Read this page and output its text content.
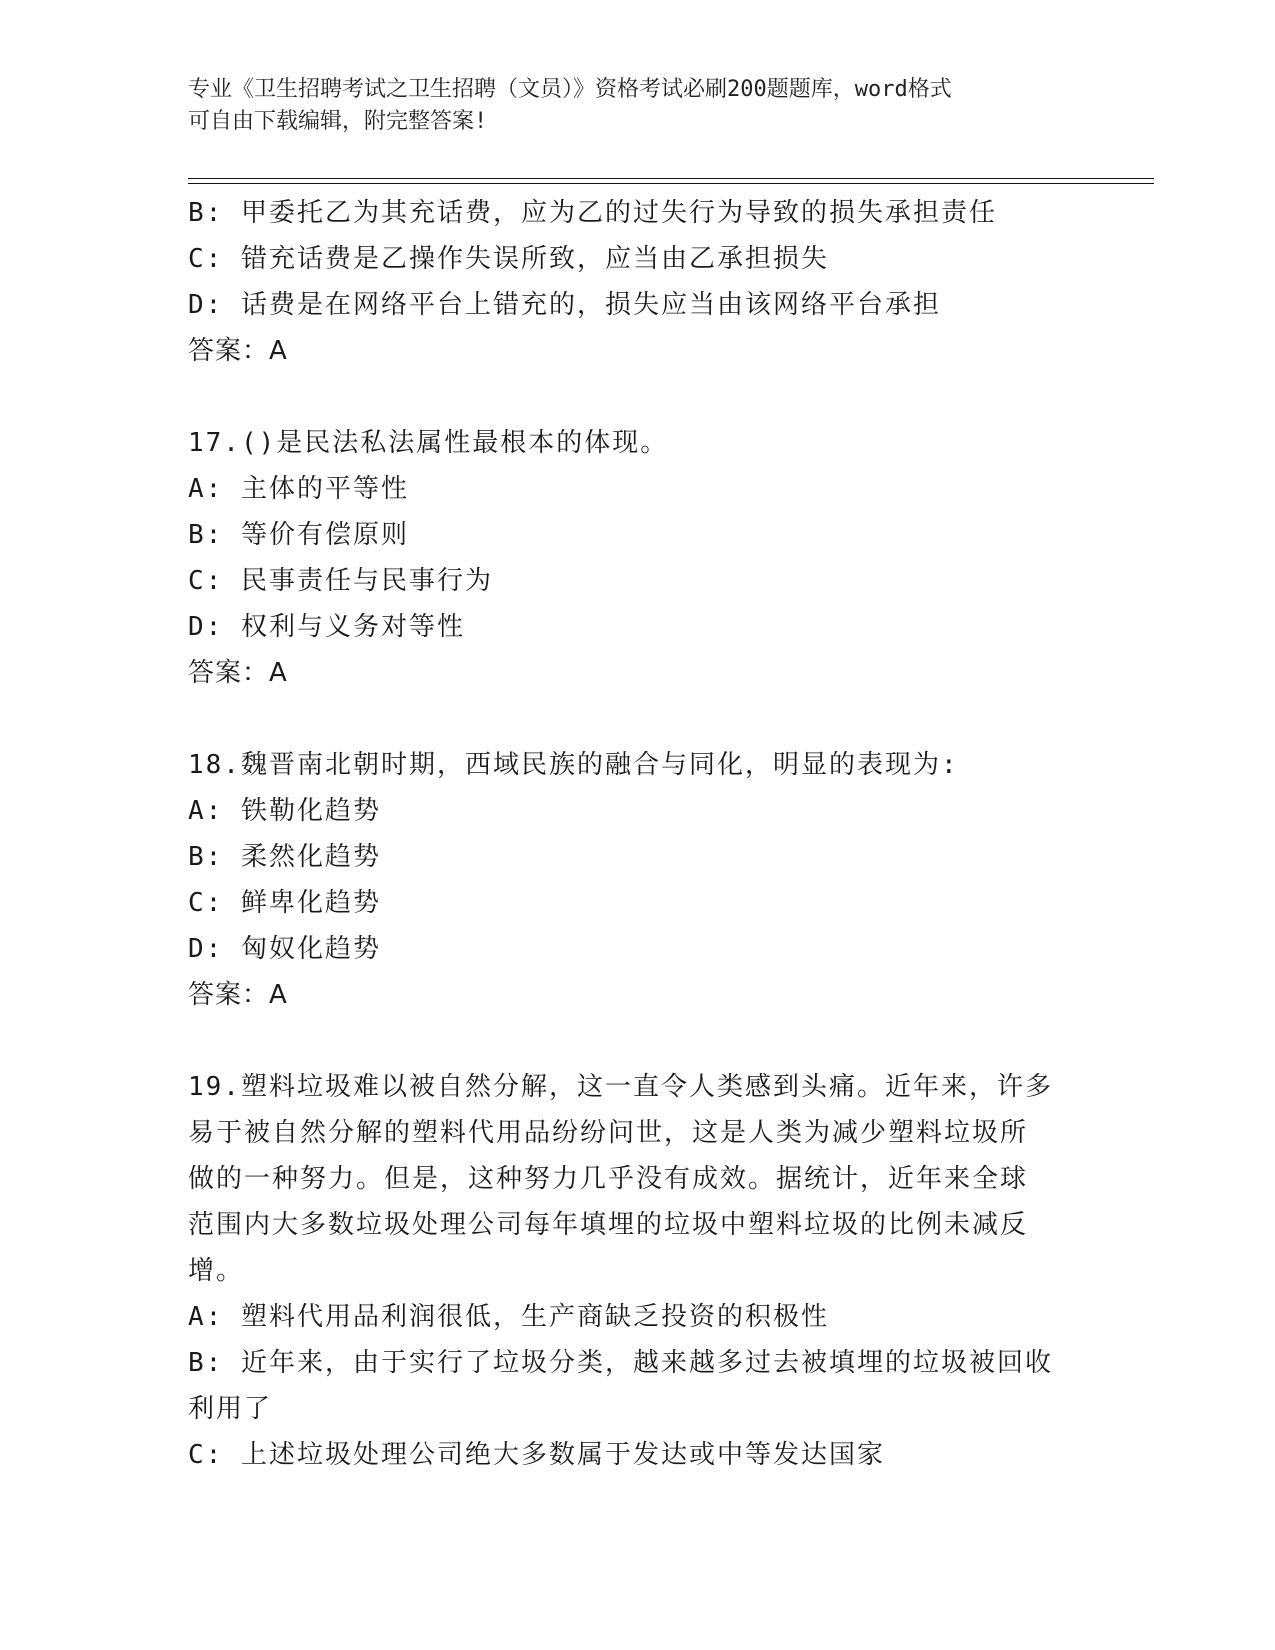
专业《卫生招聘考试之卫生招聘（文员）》资格考试必刷200题题库，word格式
可自由下载编辑，附完整答案!
B: 甲委托乙为其充话费，应为乙的过失行为导致的损失承担责任
C: 错充话费是乙操作失误所致，应当由乙承担损失
D: 话费是在网络平台上错充的，损失应当由该网络平台承担
答案：A
17.()是民法私法属性最根本的体现。
A: 主体的平等性
B: 等价有偿原则
C: 民事责任与民事行为
D: 权利与义务对等性
答案：A
18.魏晋南北朝时期，西域民族的融合与同化，明显的表现为:
A: 铁勒化趋势
B: 柔然化趋势
C: 鲜卑化趋势
D: 匈奴化趋势
答案：A
19.塑料垃圾难以被自然分解，这一直令人类感到头痛。近年来，许多
易于被自然分解的塑料代用品纷纷问世，这是人类为减少塑料垃圾所
做的一种努力。但是，这种努力几乎没有成效。据统计，近年来全球
范围内大多数垃圾处理公司每年填埋的垃圾中塑料垃圾的比例未减反
增。
A: 塑料代用品利润很低，生产商缺乏投资的积极性
B: 近年来，由于实行了垃圾分类，越来越多过去被填埋的垃圾被回收
利用了
C: 上述垃圾处理公司绝大多数属于发达或中等发达国家
